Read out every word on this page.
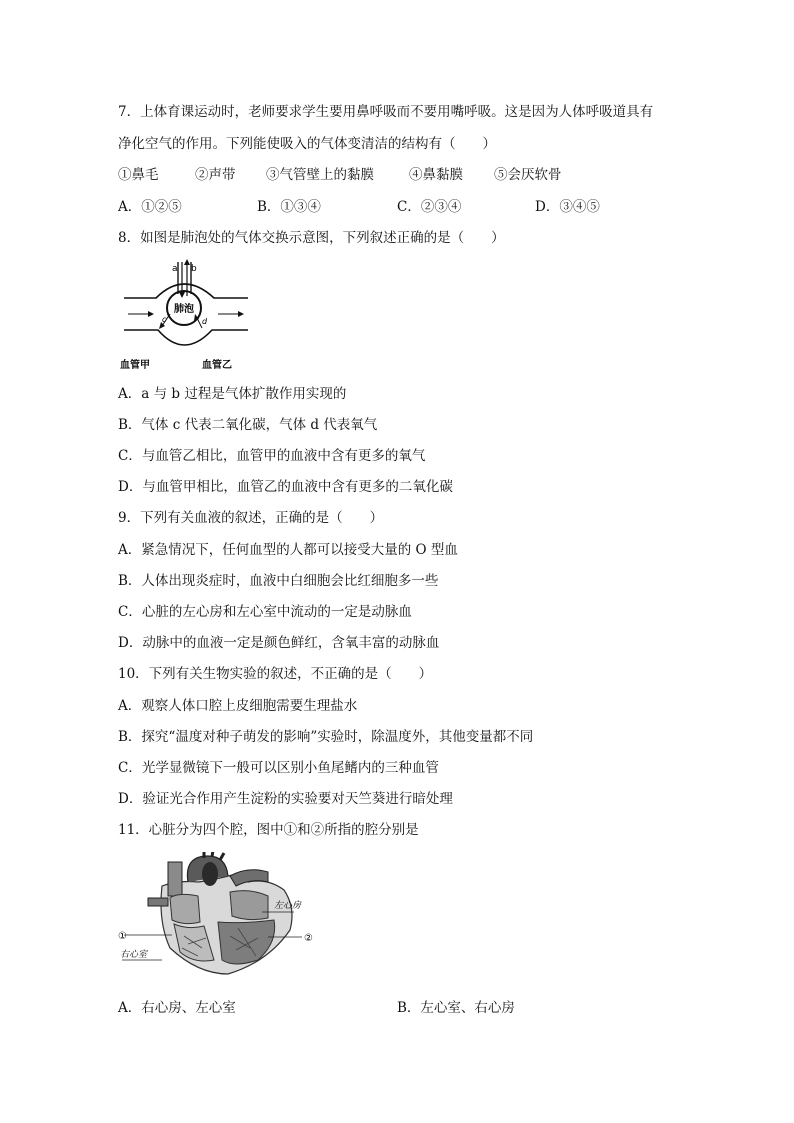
7．上体育课运动时，老师要求学生要用鼻呼吸而不要用嘴呼吸。这是因为人体呼吸道具有
净化空气的作用。下列能使吸入的气体变清洁的结构有（　　）
①鼻毛	②声带 ③气管壁上的黏膜	④鼻黏膜 ⑤会厌软骨
A．①②⑤	B．①③④	C．②③④	D．③④⑤
8．如图是肺泡处的气体交换示意图，下列叙述正确的是（　　）
a b
肺泡
c	d
血管甲	血管乙
A．a 与 b 过程是气体扩散作用实现的
B．气体 c 代表二氧化碳，气体 d 代表氧气
C．与血管乙相比，血管甲的血液中含有更多的氧气
D．与血管甲相比，血管乙的血液中含有更多的二氧化碳
9．下列有关血液的叙述，正确的是（　　）
A．紧急情况下，任何血型的人都可以接受大量的 O 型血
B．人体出现炎症时，血液中白细胞会比红细胞多一些
C．心脏的左心房和左心室中流动的一定是动脉血
D．动脉中的血液一定是颜色鲜红，含氧丰富的动脉血
10．下列有关生物实验的叙述，不正确的是（　　）
A．观察人体口腔上皮细胞需要生理盐水
B．探究“温度对种子萌发的影响”实验时，除温度外，其他变量都不同
C．光学显微镜下一般可以区别小鱼尾鳍内的三种血管
D．验证光合作用产生淀粉的实验要对天竺葵进行暗处理
11．心脏分为四个腔，图中①和②所指的腔分别是
左心房
①	②
右心室
A．右心房、左心室	B．左心室、右心房
